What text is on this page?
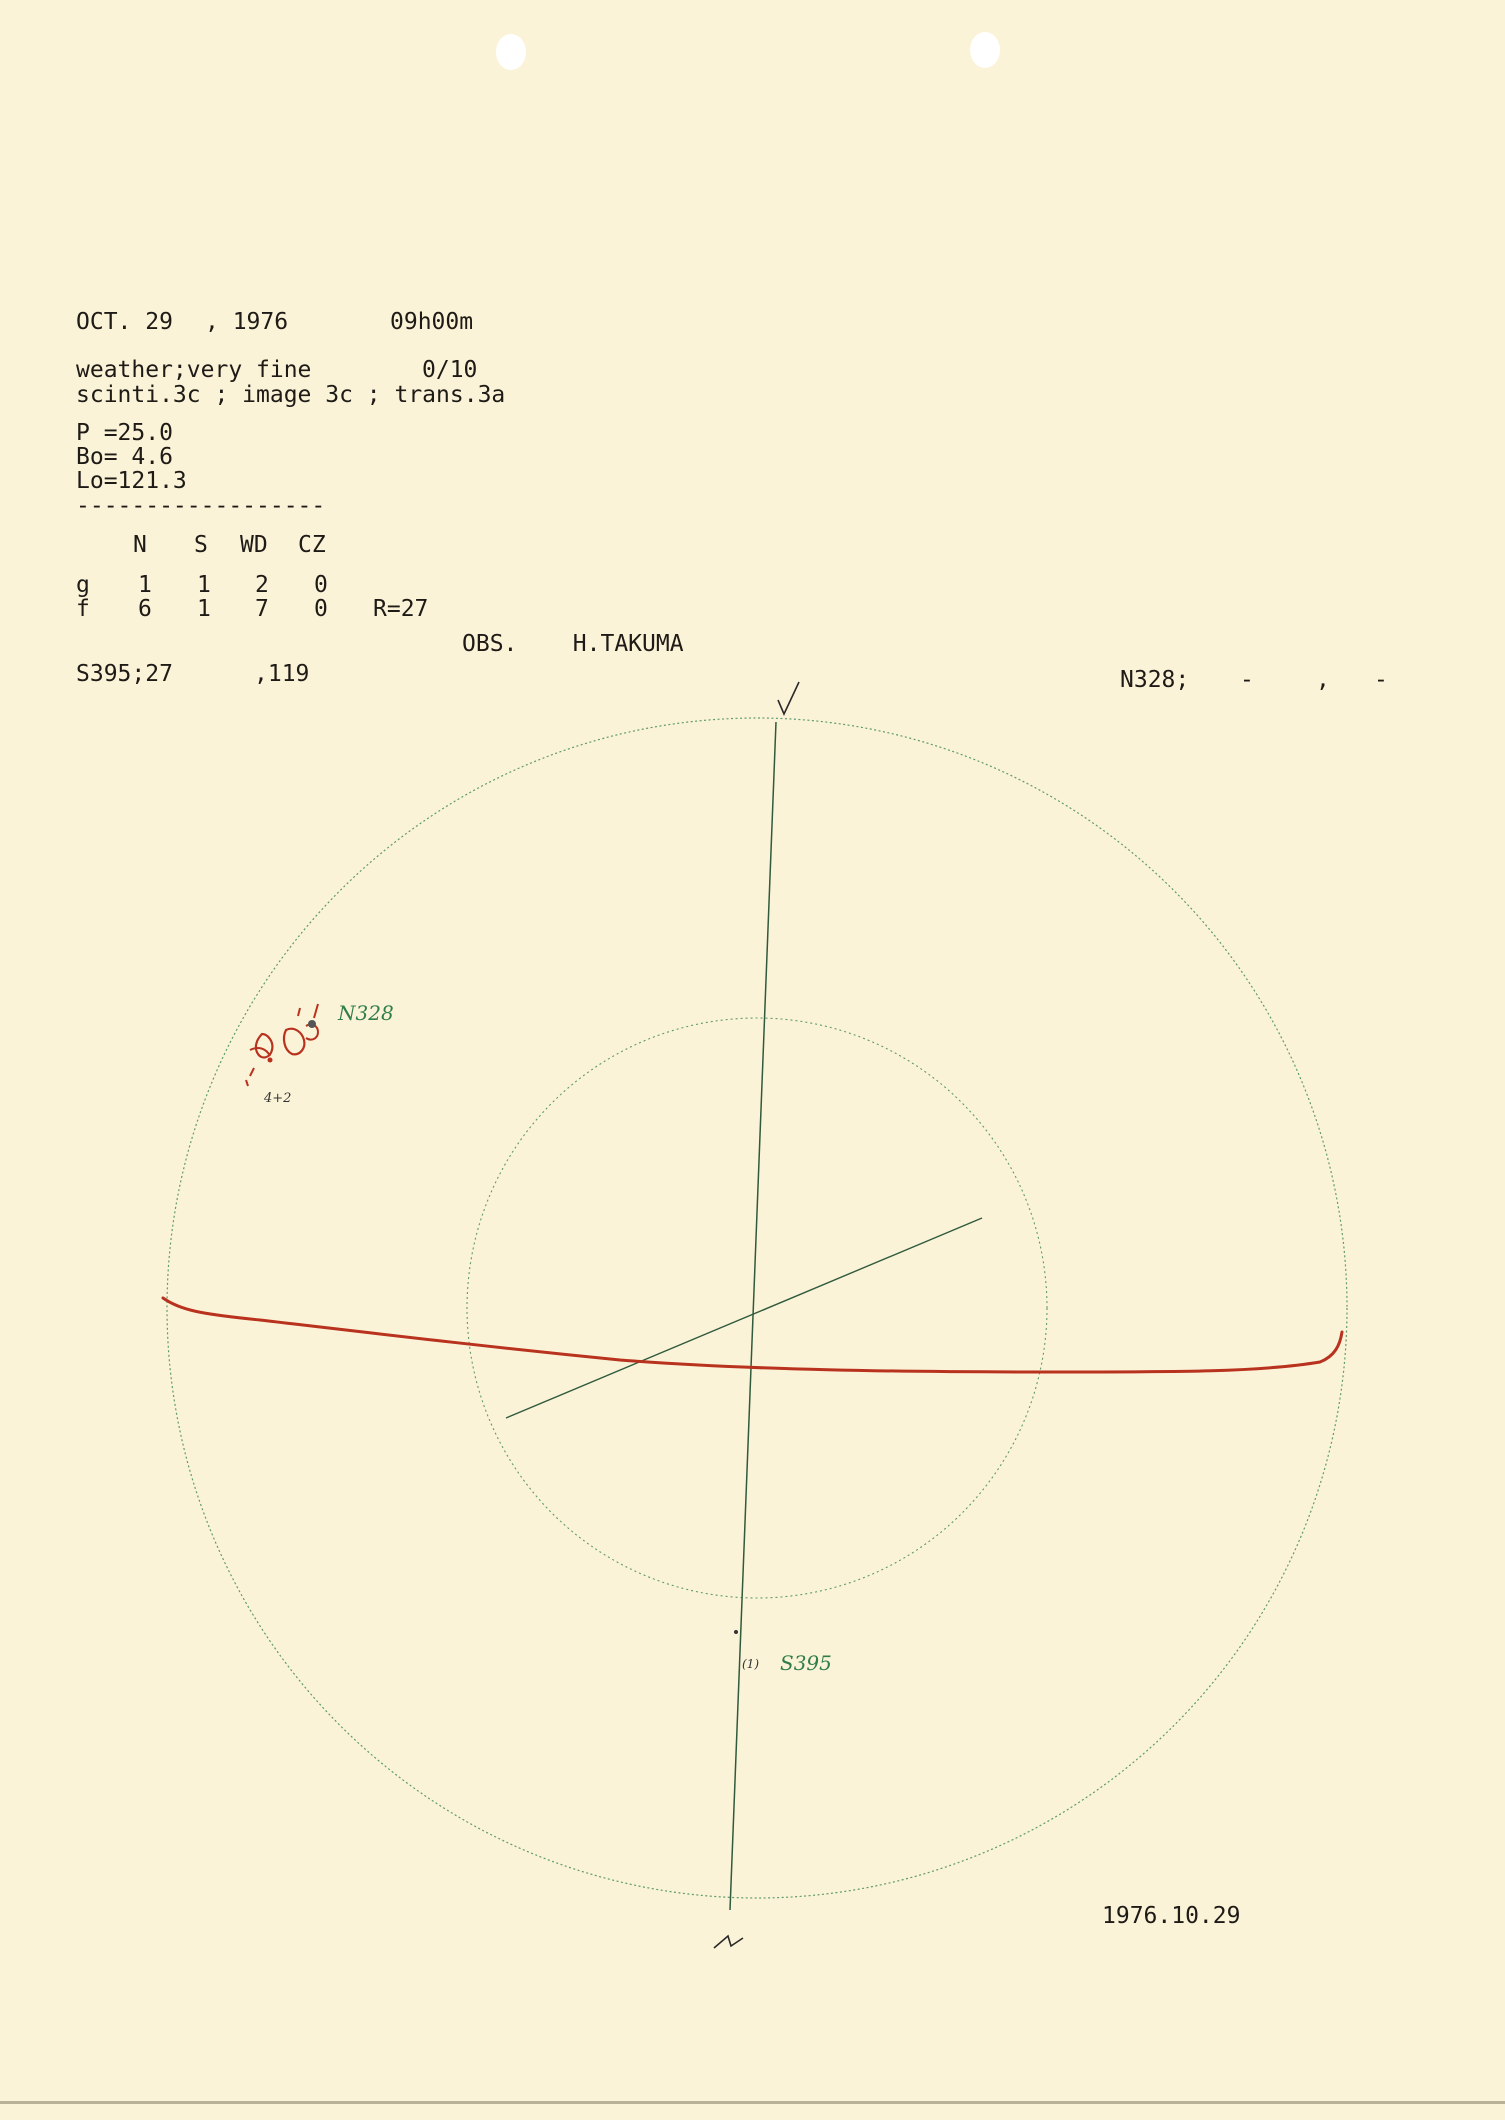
OCT. 29 , 1976	09h00m
weather;very fine	0/10
scinti.3c ; image 3c ; trans.3a
P =25.0
Bo= 4.6
Lo=121.3
------------------
N S WD CZ
g 1 1 2 0
f 6 1 7 0 R=27
OBS.    H.TAKUMA
S395;27	,119	N328; -	, -
N328
4+2
(1) S395
1976.10.29
